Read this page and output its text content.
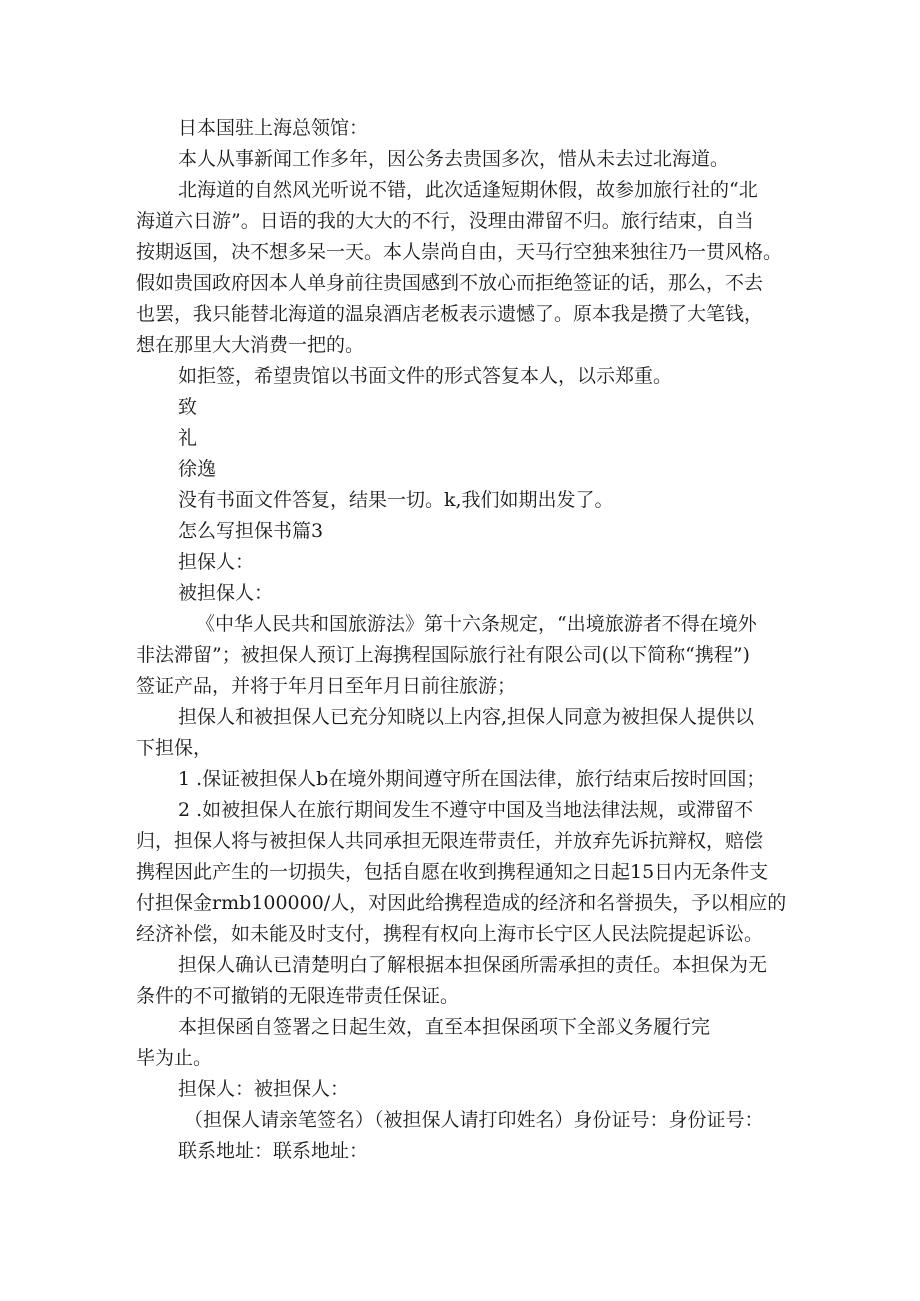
日本国驻上海总领馆：

本人从事新闻工作多年，因公务去贵国多次，惜从未去过北海道。

北海道的自然风光听说不错，此次适逢短期休假，故参加旅行社的“北

海道六日游”。日语的我的大大的不行，没理由滞留不归。旅行结束，自当

按期返国，决不想多呆一天。本人崇尚自由，天马行空独来独往乃一贯风格。

假如贵国政府因本人单身前往贵国感到不放心而拒绝签证的话，那么，不去

也罢，我只能替北海道的温泉酒店老板表示遗憾了。原本我是攒了大笔钱，

想在那里大大消费一把的。

如拒签，希望贵馆以书面文件的形式答复本人，以示郑重。

致

礼

徐逸

没有书面文件答复，结果一切。k,我们如期出发了。

怎么写担保书篇3

担保人：

被担保人：

《中华人民共和国旅游法》第十六条规定，“出境旅游者不得在境外

非法滞留”；被担保人预订上海携程国际旅行社有限公司(以下简称“携程”)

签证产品，并将于年月日至年月日前往旅游；

担保人和被担保人已充分知晓以上内容,担保人同意为被担保人提供以

下担保，

1 .保证被担保人b在境外期间遵守所在国法律，旅行结束后按时回国；

2 .如被担保人在旅行期间发生不遵守中国及当地法律法规，或滞留不

归，担保人将与被担保人共同承担无限连带责任，并放弃先诉抗辩权，赔偿

携程因此产生的一切损失，包括自愿在收到携程通知之日起15日内无条件支

付担保金rmb100000/人，对因此给携程造成的经济和名誉损失，予以相应的

经济补偿，如未能及时支付，携程有权向上海市长宁区人民法院提起诉讼。

担保人确认已清楚明白了解根据本担保函所需承担的责任。本担保为无

条件的不可撤销的无限连带责任保证。

本担保函自签署之日起生效，直至本担保函项下全部义务履行完

毕为止。

担保人：被担保人：

（担保人请亲笔签名）（被担保人请打印姓名）身份证号：身份证号：

联系地址：联系地址：
